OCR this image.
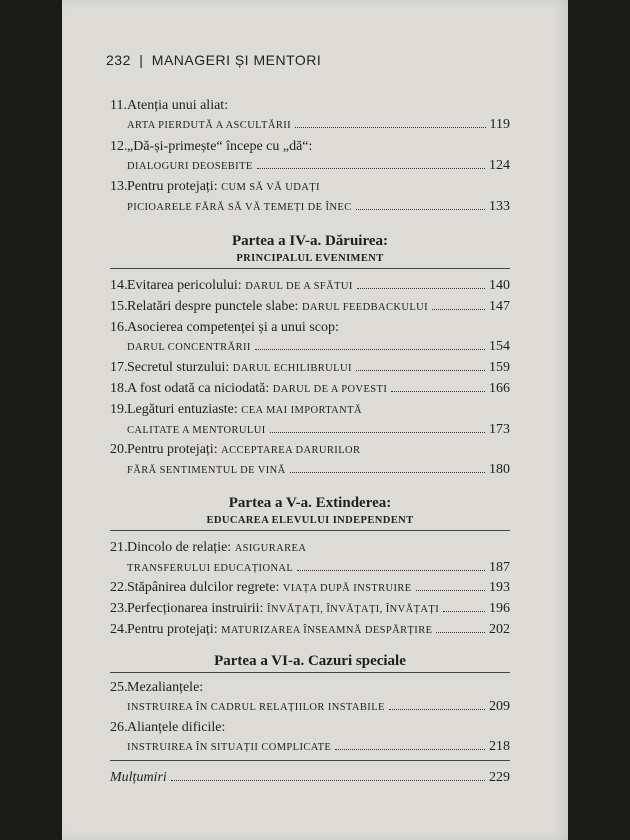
232 | MANAGERI ȘI MENTORI
11. Atenția unui aliat:
ARTA PIERDUTĂ A ASCULTĂRII	119
12. „Dă-și-primește“ începe cu „dă“:
DIALOGURI DEOSEBITE	124
13. Pentru protejați:
CUM SĂ VĂ UDAȚI
PICIOARELE FĂRĂ SĂ VĂ TEMEȚI DE ÎNEC	133
Partea a IV-a. Dăruirea:
PRINCIPALUL EVENIMENT
14. Evitarea pericolului:
DARUL DE A SFĂTUI	140
15. Relatări despre punctele slabe:
DARUL FEEDBACKULUI	147
16. Asocierea competenței și a unui scop:
DARUL CONCENTRĂRII	154
17. Secretul sturzului:
DARUL ECHILIBRULUI	159
18. A fost odată ca niciodată:
DARUL DE A POVESTI	166
19. Legături entuziaste:
CEA MAI IMPORTANTĂ
CALITATE A MENTORULUI	173
20. Pentru protejați:
ACCEPTAREA DARURILOR
FĂRĂ SENTIMENTUL DE VINĂ	180
Partea a V-a. Extinderea:
EDUCAREA ELEVULUI INDEPENDENT
21. Dincolo de relație:
ASIGURAREA
TRANSFERULUI EDUCAȚIONAL	187
22. Stăpânirea dulcilor regrete:
VIAȚA DUPĂ INSTRUIRE	193
23. Perfecționarea instruirii:
ÎNVĂȚAȚI, ÎNVĂȚAȚI, ÎNVĂȚAȚI	196
24. Pentru protejați:
MATURIZAREA ÎNSEAMNĂ DESPĂRȚIRE	202
Partea a VI-a. Cazuri speciale
25. Mezalianțele:
INSTRUIREA ÎN CADRUL RELAȚIILOR INSTABILE	209
26. Alianțele dificile:
INSTRUIREA ÎN SITUAȚII COMPLICATE	218
Mulțumiri	229
